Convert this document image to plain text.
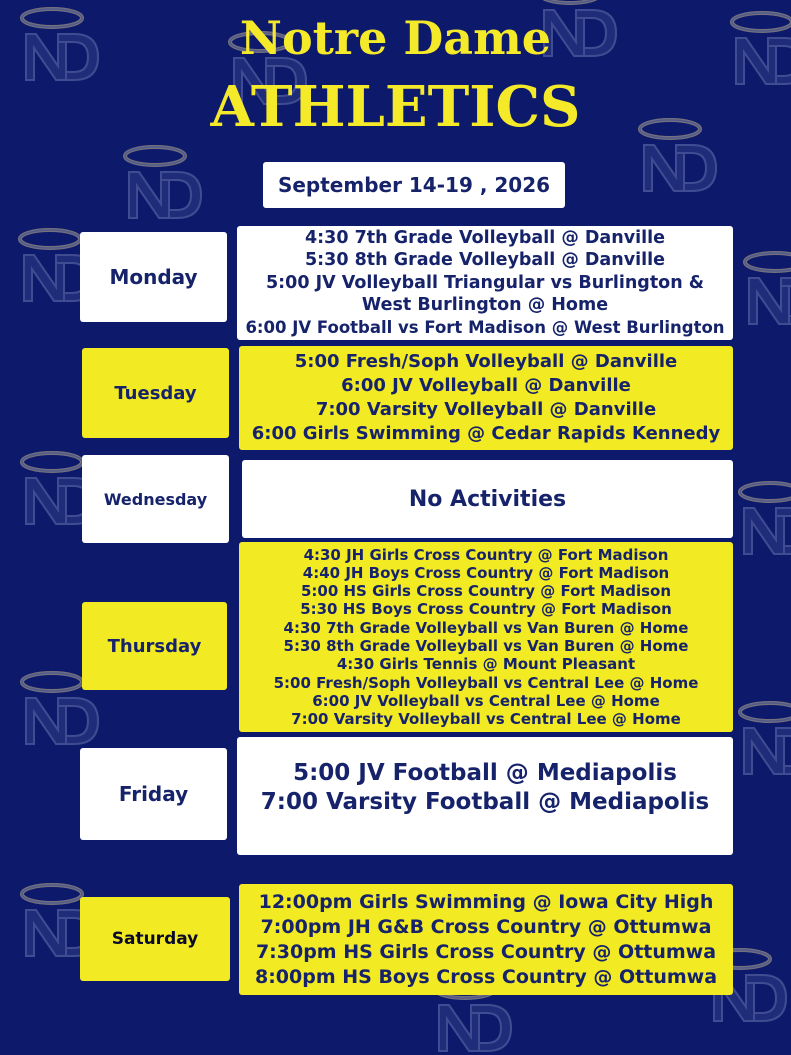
Notre Dame
ATHLETICS
September 14-19 , 2026
Monday
4:30 7th Grade Volleyball @ Danville
5:30 8th Grade Volleyball @ Danville
5:00 JV Volleyball Triangular vs Burlington &
West Burlington @ Home
6:00 JV Football vs Fort Madison @ West Burlington
Tuesday
5:00 Fresh/Soph Volleyball @ Danville
6:00 JV Volleyball @ Danville
7:00 Varsity Volleyball @ Danville
6:00 Girls Swimming @ Cedar Rapids Kennedy
Wednesday	No Activities
Thursday
4:30 JH Girls Cross Country @ Fort Madison
4:40 JH Boys Cross Country @ Fort Madison
5:00 HS Girls Cross Country @ Fort Madison
5:30 HS Boys Cross Country @ Fort Madison
4:30 7th Grade Volleyball vs Van Buren @ Home
5:30 8th Grade Volleyball vs Van Buren @ Home
4:30 Girls Tennis @ Mount Pleasant
5:00 Fresh/Soph Volleyball vs Central Lee @ Home
6:00 JV Volleyball vs Central Lee @ Home
7:00 Varsity Volleyball vs Central Lee @ Home
Friday
5:00 JV Football @ Mediapolis
7:00 Varsity Football @ Mediapolis
Saturday
12:00pm Girls Swimming @ Iowa City High
7:00pm JH G&B Cross Country @ Ottumwa
7:30pm HS Girls Cross Country @ Ottumwa
8:00pm HS Boys Cross Country @ Ottumwa
